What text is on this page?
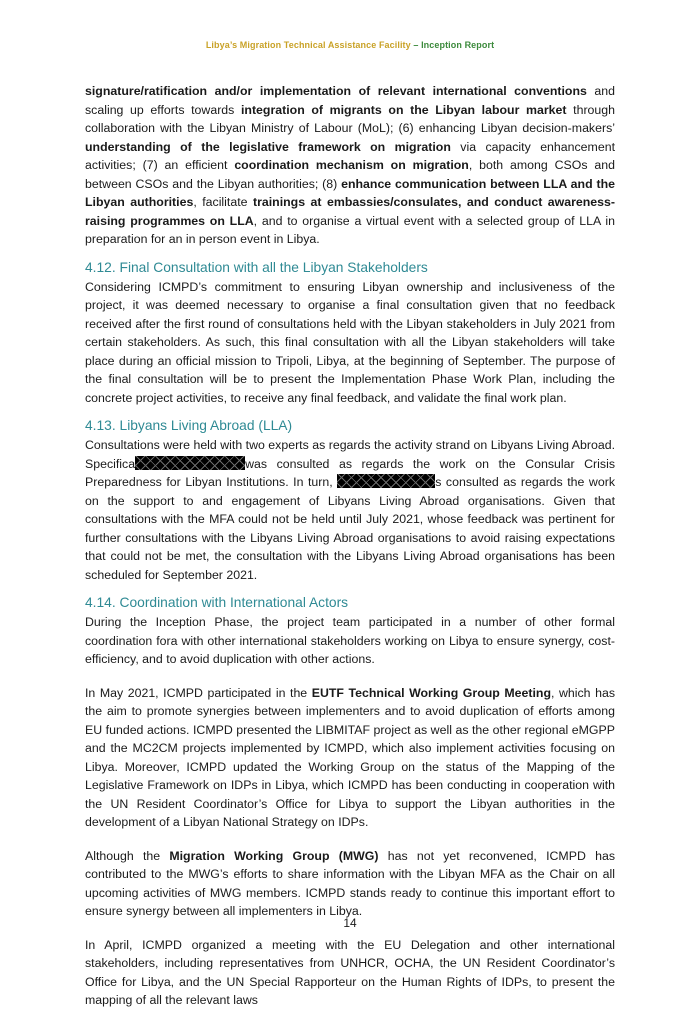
Libya’s Migration Technical Assistance Facility – Inception Report

signature/ratification and/or implementation of relevant international conventions and scaling up efforts towards integration of migrants on the Libyan labour market through collaboration with the Libyan Ministry of Labour (MoL); (6) enhancing Libyan decision-makers’ understanding of the legislative framework on migration via capacity enhancement activities; (7) an efficient coordination mechanism on migration, both among CSOs and between CSOs and the Libyan authorities; (8) enhance communication between LLA and the Libyan authorities, facilitate trainings at embassies/consulates, and conduct awareness-raising programmes on LLA, and to organise a virtual event with a selected group of LLA in preparation for an in person event in Libya.

4.12. Final Consultation with all the Libyan Stakeholders

Considering ICMPD’s commitment to ensuring Libyan ownership and inclusiveness of the project, it was deemed necessary to organise a final consultation given that no feedback received after the first round of consultations held with the Libyan stakeholders in July 2021 from certain stakeholders. As such, this final consultation with all the Libyan stakeholders will take place during an official mission to Tripoli, Libya, at the beginning of September. The purpose of the final consultation will be to present the Implementation Phase Work Plan, including the concrete project activities, to receive any final feedback, and validate the final work plan.

4.13. Libyans Living Abroad (LLA)

Consultations were held with two experts as regards the activity strand on Libyans Living Abroad. Specifica	was consulted as regards the work on the Consular Crisis Preparedness for Libyan Institutions. In turn,	s consulted as regards the work on the support to and engagement of Libyans Living Abroad organisations. Given that consultations with the MFA could not be held until July 2021, whose feedback was pertinent for further consultations with the Libyans Living Abroad organisations to avoid raising expectations that could not be met, the consultation with the Libyans Living Abroad organisations has been scheduled for September 2021.

4.14. Coordination with International Actors

During the Inception Phase, the project team participated in a number of other formal coordination fora with other international stakeholders working on Libya to ensure synergy, cost-efficiency, and to avoid duplication with other actions.

In May 2021, ICMPD participated in the EUTF Technical Working Group Meeting, which has the aim to promote synergies between implementers and to avoid duplication of efforts among EU funded actions. ICMPD presented the LIBMITAF project as well as the other regional eMGPP and the MC2CM projects implemented by ICMPD, which also implement activities focusing on Libya. Moreover, ICMPD updated the Working Group on the status of the Mapping of the Legislative Framework on IDPs in Libya, which ICMPD has been conducting in cooperation with the UN Resident Coordinator’s Office for Libya to support the Libyan authorities in the development of a Libyan National Strategy on IDPs.

Although the Migration Working Group (MWG) has not yet reconvened, ICMPD has contributed to the MWG’s efforts to share information with the Libyan MFA as the Chair on all upcoming activities of MWG members. ICMPD stands ready to continue this important effort to ensure synergy between all implementers in Libya.

In April, ICMPD organized a meeting with the EU Delegation and other international stakeholders, including representatives from UNHCR, OCHA, the UN Resident Coordinator’s Office for Libya, and the UN Special Rapporteur on the Human Rights of IDPs, to present the mapping of all the relevant laws

14
